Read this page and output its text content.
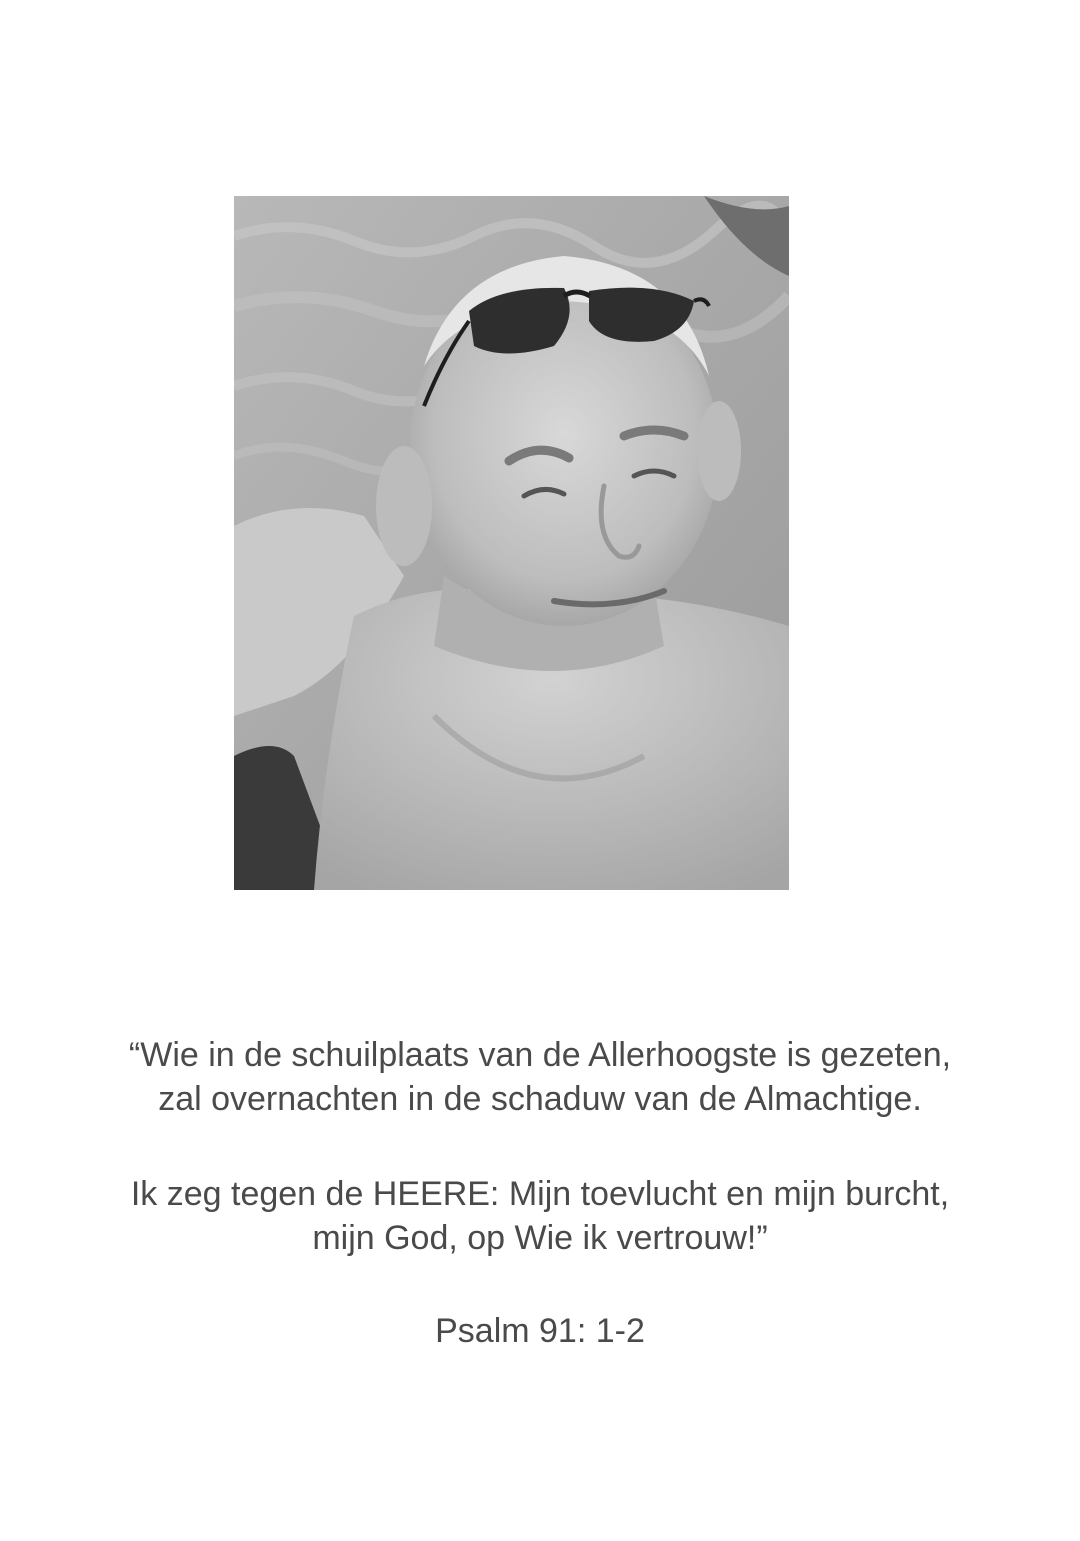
“Wie in de schuilplaats van de Allerhoogste is gezeten,
zal overnachten in de schaduw van de Almachtige.
Ik zeg tegen de HEERE: Mijn toevlucht en mijn burcht,
mijn God, op Wie ik vertrouw!”
Psalm 91: 1-2
